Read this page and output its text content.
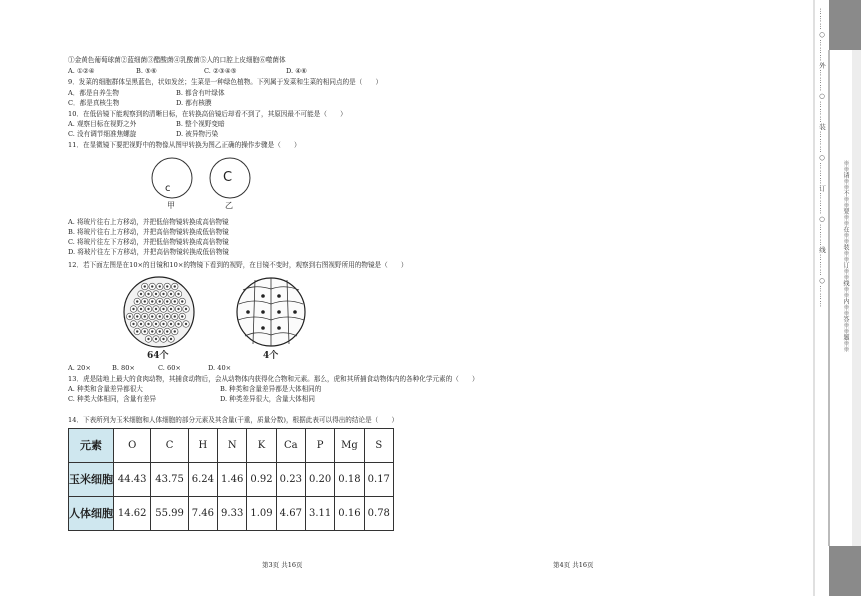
①金黄色葡萄球菌②蓝细菌③醋酸菌④乳酸菌⑤人的口腔上皮细胞⑥噬菌体
A. ①②④	B. ⑤⑥	C. ②③④⑤	D. ④⑥
9．发菜的细胞群体呈黑蓝色，状如发丝；生菜是一种绿色植物。下列属于发菜和生菜的相同点的是（　　）
A．都是自养生物	B. 都含有叶绿体
C．都是真核生物	D. 都有核膜
10．在低倍镜下能观察到的清晰目标，在转换高倍镜后却看不到了，其原因最不可能是（　　）
A. 观察目标在视野之外	B. 整个视野变暗
C. 没有调节细准焦螺旋	D. 被异物污染
11．在显微镜下要把视野中的物像从图甲转换为图乙正确的操作步骤是（　　）
c
C
甲	乙
A. 将玻片往右上方移动，并把低倍物镜转换成高倍物镜
B. 将玻片往右上方移动，并把高倍物镜转换成低倍物镜
C. 将玻片往左下方移动，并把低倍物镜转换成高倍物镜
D. 将玻片往左下方移动，并把高倍物镜转换成低倍物镜
12．若下面左图是在10×的目镜和10×的物镜下看到的视野，在目镜不变时，观察到右图视野所用的物镜是（　　）
64个	4个
A. 20×	B. 80×	C. 60×	D. 40×
13．虎是陆地上最大的食肉动物，其捕食动物后，会从动物体内获得化合物和元素。那么，虎和其所捕食动物体内的各种化学元素的（　　）
A. 种类和含量差异都很大	B. 种类和含量差异都是大体相同的
C. 种类大体相同，含量有差异	D. 种类差异很大，含量大体相同
14．下表所列为玉米细胞和人体细胞的部分元素及其含量(干重，质量分数)，根据此表可以得出的结论是（　　）
元素	O	C	H	N	K	Ca	P	Mg	S
玉米细胞	44.43	43.75	6.24	1.46	0.92	0.23	0.20	0.18	0.17
人体细胞	14.62	55.99	7.46	9.33	1.09	4.67	3.11	0.16	0.78
第3页 共16页	第4页 共16页
………○………外………○………装………○………订………○………线………○………	※※请※※不※※要※※在※※装※※订※※线※※内※※答※※题※※
